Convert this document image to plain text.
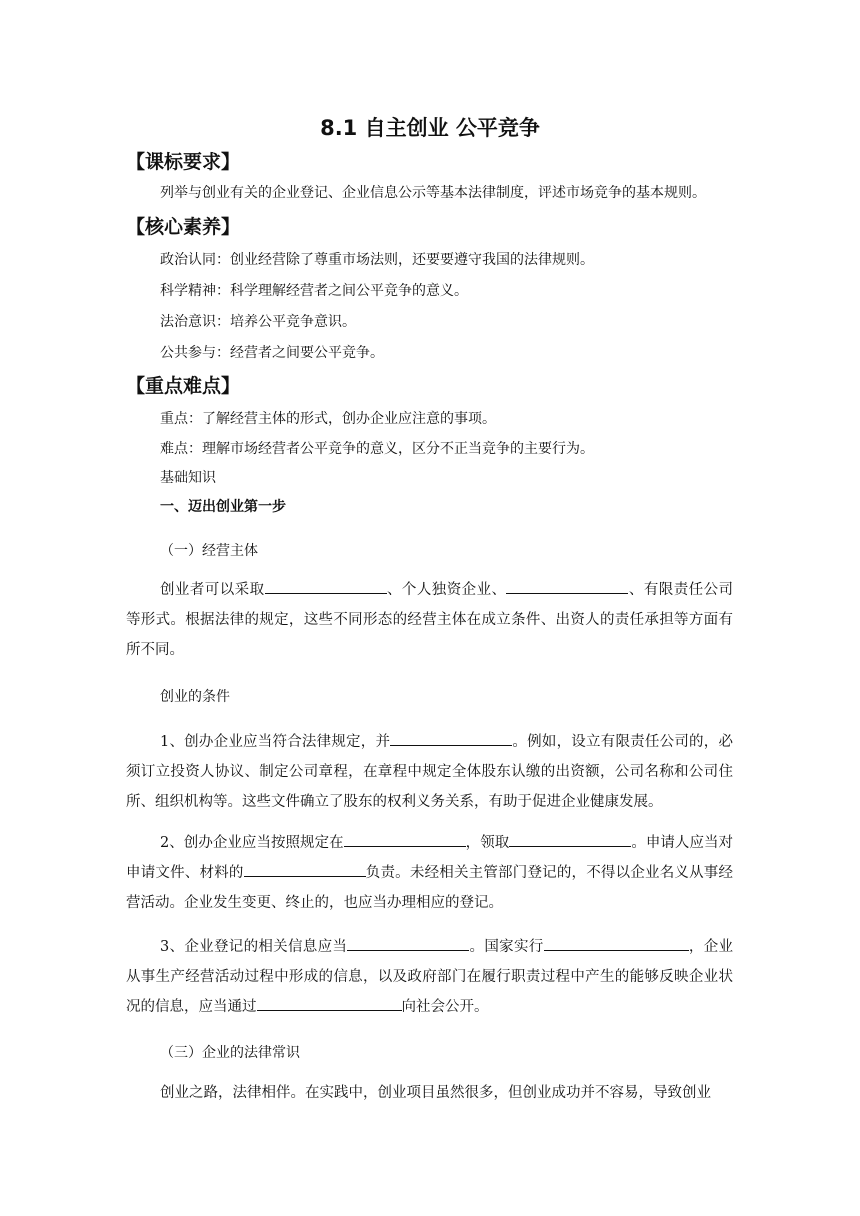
8.1 自主创业 公平竞争
【课标要求】
列举与创业有关的企业登记、企业信息公示等基本法律制度，评述市场竞争的基本规则。
【核心素养】
政治认同：创业经营除了尊重市场法则，还要要遵守我国的法律规则。
科学精神：科学理解经营者之间公平竞争的意义。
法治意识：培养公平竞争意识。
公共参与：经营者之间要公平竞争。
【重点难点】
重点：了解经营主体的形式，创办企业应注意的事项。
难点：理解市场经营者公平竞争的意义，区分不正当竞争的主要行为。
基础知识
一、迈出创业第一步
（一）经营主体
创业者可以采取	、个人独资企业、	、有限责任公司等形式。根据法律的规定，这些不同形态的经营主体在成立条件、出资人的责任承担等方面有所不同。
创业的条件
1、创办企业应当符合法律规定，并	。例如，设立有限责任公司的，必须订立投资人协议、制定公司章程，在章程中规定全体股东认缴的出资额，公司名称和公司住所、组织机构等。这些文件确立了股东的权利义务关系，有助于促进企业健康发展。
2、创办企业应当按照规定在	，领取	。申请人应当对申请文件、材料的	负责。未经相关主管部门登记的，不得以企业名义从事经营活动。企业发生变更、终止的，也应当办理相应的登记。
3、企业登记的相关信息应当	。国家实行	，企业从事生产经营活动过程中形成的信息，以及政府部门在履行职责过程中产生的能够反映企业状况的信息，应当通过	向社会公开。
（三）企业的法律常识
创业之路，法律相伴。在实践中，创业项目虽然很多，但创业成功并不容易，导致创业
